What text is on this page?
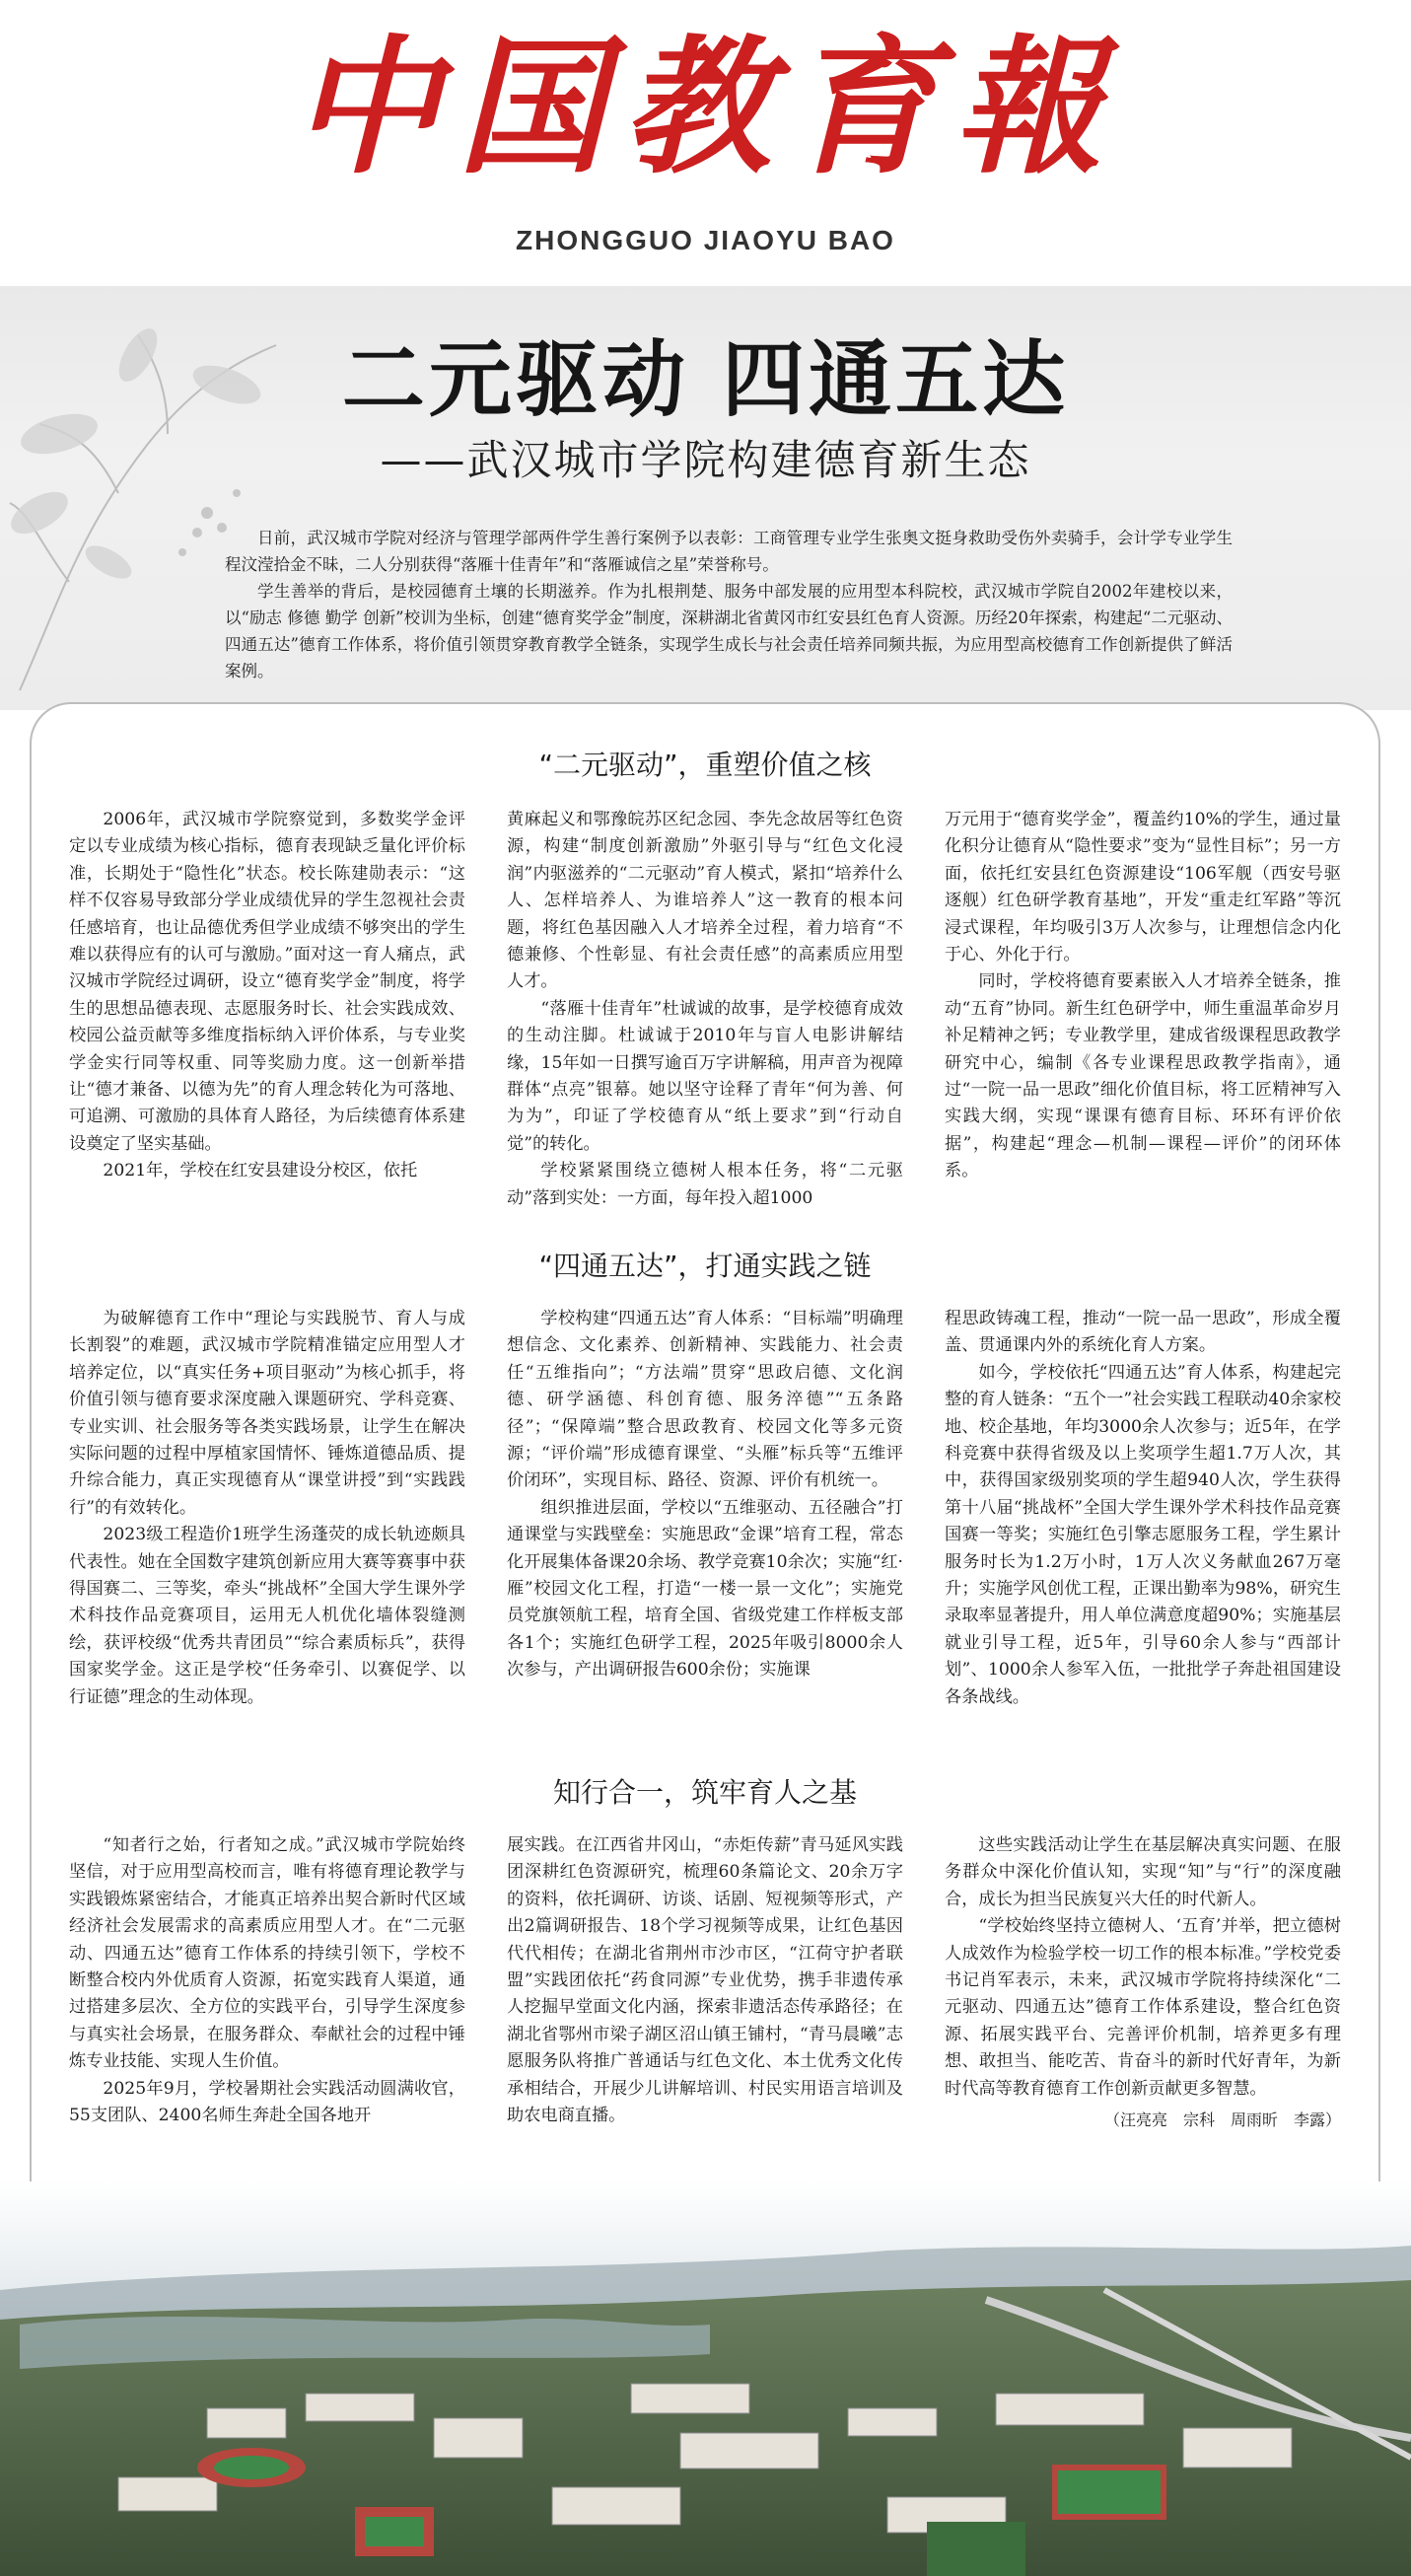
中国教育報
ZHONGGUO JIAOYU BAO
二元驱动 四通五达
——武汉城市学院构建德育新生态

日前，武汉城市学院对经济与管理学部两件学生善行案例予以表彰：工商管理专业学生张奥文挺身救助受伤外卖骑手，会计学专业学生程汶滢拾金不昧，二人分别获得“落雁十佳青年”和“落雁诚信之星”荣誉称号。

学生善举的背后，是校园德育土壤的长期滋养。作为扎根荆楚、服务中部发展的应用型本科院校，武汉城市学院自2002年建校以来，以“励志 修德 勤学 创新”校训为坐标，创建“德育奖学金”制度，深耕湖北省黄冈市红安县红色育人资源。历经20年探索，构建起“二元驱动、四通五达”德育工作体系，将价值引领贯穿教育教学全链条，实现学生成长与社会责任培养同频共振，为应用型高校德育工作创新提供了鲜活案例。

“二元驱动”，重塑价值之核

2006年，武汉城市学院察觉到，多数奖学金评定以专业成绩为核心指标，德育表现缺乏量化评价标准，长期处于“隐性化”状态。校长陈建勋表示：“这样不仅容易导致部分学业成绩优异的学生忽视社会责任感培育，也让品德优秀但学业成绩不够突出的学生难以获得应有的认可与激励。”面对这一育人痛点，武汉城市学院经过调研，设立“德育奖学金”制度，将学生的思想品德表现、志愿服务时长、社会实践成效、校园公益贡献等多维度指标纳入评价体系，与专业奖学金实行同等权重、同等奖励力度。这一创新举措让“德才兼备、以德为先”的育人理念转化为可落地、可追溯、可激励的具体育人路径，为后续德育体系建设奠定了坚实基础。

2021年，学校在红安县建设分校区，依托

黄麻起义和鄂豫皖苏区纪念园、李先念故居等红色资源，构建“制度创新激励”外驱引导与“红色文化浸润”内驱滋养的“二元驱动”育人模式，紧扣“培养什么人、怎样培养人、为谁培养人”这一教育的根本问题，将红色基因融入人才培养全过程，着力培育“不德兼修、个性彰显、有社会责任感”的高素质应用型人才。

“落雁十佳青年”杜诚诚的故事，是学校德育成效的生动注脚。杜诚诚于2010年与盲人电影讲解结缘，15年如一日撰写逾百万字讲解稿，用声音为视障群体“点亮”银幕。她以坚守诠释了青年“何为善、何为为”，印证了学校德育从“纸上要求”到“行动自觉”的转化。

学校紧紧围绕立德树人根本任务，将“二元驱动”落到实处：一方面，每年投入超1000

万元用于“德育奖学金”，覆盖约10%的学生，通过量化积分让德育从“隐性要求”变为“显性目标”；另一方面，依托红安县红色资源建设“106军舰（西安号驱逐舰）红色研学教育基地”，开发“重走红军路”等沉浸式课程，年均吸引3万人次参与，让理想信念内化于心、外化于行。

同时，学校将德育要素嵌入人才培养全链条，推动“五育”协同。新生红色研学中，师生重温革命岁月补足精神之钙；专业教学里，建成省级课程思政教学研究中心，编制《各专业课程思政教学指南》，通过“一院一品一思政”细化价值目标，将工匠精神写入实践大纲，实现“课课有德育目标、环环有评价依据”，构建起“理念—机制—课程—评价”的闭环体系。

“四通五达”，打通实践之链

为破解德育工作中“理论与实践脱节、育人与成长割裂”的难题，武汉城市学院精准锚定应用型人才培养定位，以“真实任务+项目驱动”为核心抓手，将价值引领与德育要求深度融入课题研究、学科竞赛、专业实训、社会服务等各类实践场景，让学生在解决实际问题的过程中厚植家国情怀、锤炼道德品质、提升综合能力，真正实现德育从“课堂讲授”到“实践践行”的有效转化。

2023级工程造价1班学生汤蓬荧的成长轨迹颇具代表性。她在全国数字建筑创新应用大赛等赛事中获得国赛二、三等奖，牵头“挑战杯”全国大学生课外学术科技作品竞赛项目，运用无人机优化墙体裂缝测绘，获评校级“优秀共青团员”“综合素质标兵”，获得国家奖学金。这正是学校“任务牵引、以赛促学、以行证德”理念的生动体现。

学校构建“四通五达”育人体系：“目标端”明确理想信念、文化素养、创新精神、实践能力、社会责任“五维指向”；“方法端”贯穿“思政启德、文化润德、研学涵德、科创育德、服务淬德”“五条路径”；“保障端”整合思政教育、校园文化等多元资源；“评价端”形成德育课堂、“头雁”标兵等“五维评价闭环”，实现目标、路径、资源、评价有机统一。

组织推进层面，学校以“五维驱动、五径融合”打通课堂与实践壁垒：实施思政“金课”培育工程，常态化开展集体备课20余场、教学竞赛10余次；实施“红·雁”校园文化工程，打造“一楼一景一文化”；实施党员党旗领航工程，培育全国、省级党建工作样板支部各1个；实施红色研学工程，2025年吸引8000余人次参与，产出调研报告600余份；实施课

程思政铸魂工程，推动“一院一品一思政”，形成全覆盖、贯通课内外的系统化育人方案。

如今，学校依托“四通五达”育人体系，构建起完整的育人链条：“五个一”社会实践工程联动40余家校地、校企基地，年均3000余人次参与；近5年，在学科竞赛中获得省级及以上奖项学生超1.7万人次，其中，获得国家级别奖项的学生超940人次，学生获得第十八届“挑战杯”全国大学生课外学术科技作品竞赛国赛一等奖；实施红色引擎志愿服务工程，学生累计服务时长为1.2万小时，1万人次义务献血267万毫升；实施学风创优工程，正课出勤率为98%，研究生录取率显著提升，用人单位满意度超90%；实施基层就业引导工程，近5年，引导60余人参与“西部计划”、1000余人参军入伍，一批批学子奔赴祖国建设各条战线。

知行合一，筑牢育人之基

“知者行之始，行者知之成。”武汉城市学院始终坚信，对于应用型高校而言，唯有将德育理论教学与实践锻炼紧密结合，才能真正培养出契合新时代区域经济社会发展需求的高素质应用型人才。在“二元驱动、四通五达”德育工作体系的持续引领下，学校不断整合校内外优质育人资源，拓宽实践育人渠道，通过搭建多层次、全方位的实践平台，引导学生深度参与真实社会场景，在服务群众、奉献社会的过程中锤炼专业技能、实现人生价值。

2025年9月，学校暑期社会实践活动圆满收官，55支团队、2400名师生奔赴全国各地开

展实践。在江西省井冈山，“赤炬传薪”青马延风实践团深耕红色资源研究，梳理60条篇论文、20余万字的资料，依托调研、访谈、话剧、短视频等形式，产出2篇调研报告、18个学习视频等成果，让红色基因代代相传；在湖北省荆州市沙市区，“江荷守护者联盟”实践团依托“药食同源”专业优势，携手非遗传承人挖掘早堂面文化内涵，探索非遗活态传承路径；在湖北省鄂州市梁子湖区沼山镇王铺村，“青马晨曦”志愿服务队将推广普通话与红色文化、本土优秀文化传承相结合，开展少儿讲解培训、村民实用语言培训及助农电商直播。

这些实践活动让学生在基层解决真实问题、在服务群众中深化价值认知，实现“知”与“行”的深度融合，成长为担当民族复兴大任的时代新人。

“学校始终坚持立德树人、‘五育’并举，把立德树人成效作为检验学校一切工作的根本标准。”学校党委书记肖军表示，未来，武汉城市学院将持续深化“二元驱动、四通五达”德育工作体系建设，整合红色资源、拓展实践平台、完善评价机制，培养更多有理想、敢担当、能吃苦、肯奋斗的新时代好青年，为新时代高等教育德育工作创新贡献更多智慧。

（汪亮亮　宗科　周雨昕　李露）
